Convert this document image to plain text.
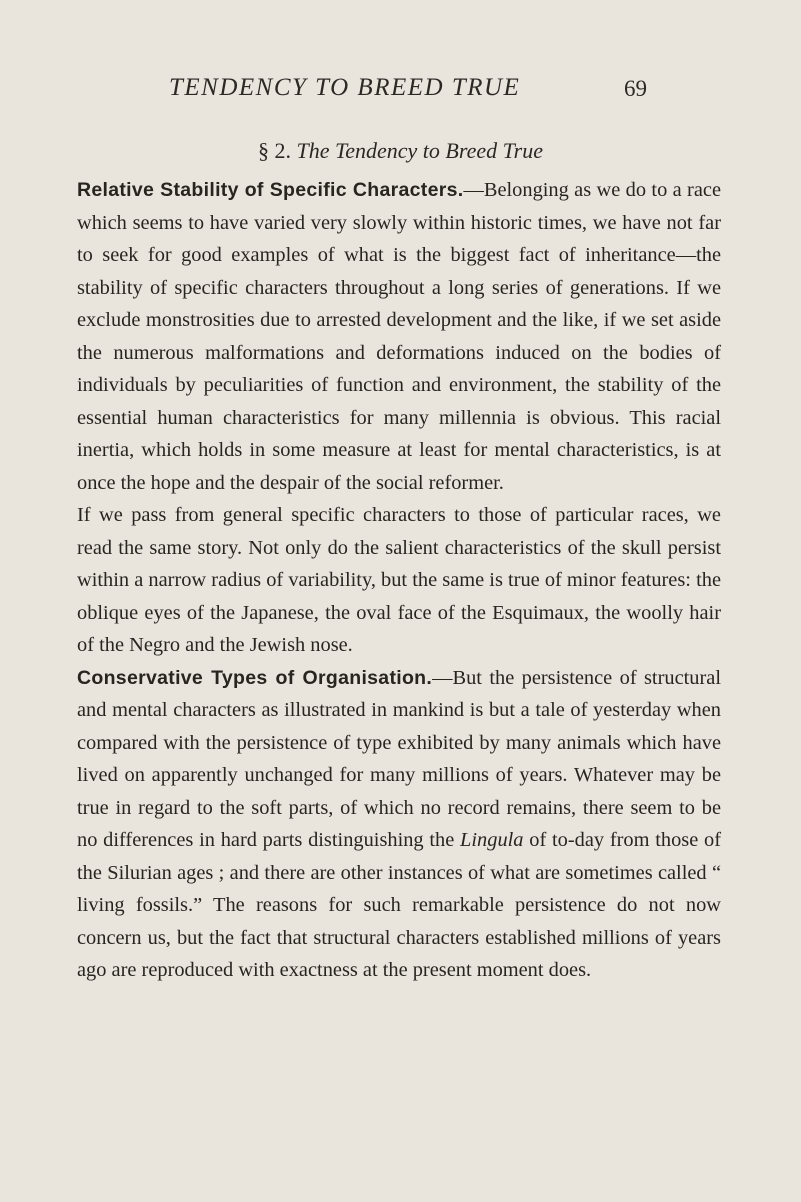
TENDENCY TO BREED TRUE	69
§ 2. The Tendency to Breed True

Relative Stability of Specific Characters.—Belonging as we do to a race which seems to have varied very slowly within historic times, we have not far to seek for good examples of what is the biggest fact of inheritance—the stability of specific characters throughout a long series of generations. If we exclude monstrosities due to arrested development and the like, if we set aside the numerous malformations and deformations induced on the bodies of individuals by peculiarities of function and environment, the stability of the essential human characteristics for many millennia is obvious. This racial inertia, which holds in some measure at least for mental characteristics, is at once the hope and the despair of the social reformer.

If we pass from general specific characters to those of particular races, we read the same story. Not only do the salient characteristics of the skull persist within a narrow radius of variability, but the same is true of minor features: the oblique eyes of the Japanese, the oval face of the Esquimaux, the woolly hair of the Negro and the Jewish nose.

Conservative Types of Organisation.—But the persistence of structural and mental characters as illustrated in mankind is but a tale of yesterday when compared with the persistence of type exhibited by many animals which have lived on apparently unchanged for many millions of years. Whatever may be true in regard to the soft parts, of which no record remains, there seem to be no differences in hard parts distinguishing the Lingula of to-day from those of the Silurian ages ; and there are other instances of what are sometimes called “ living fossils.” The reasons for such remarkable persistence do not now concern us, but the fact that structural characters established millions of years ago are reproduced with exactness at the present moment does.
